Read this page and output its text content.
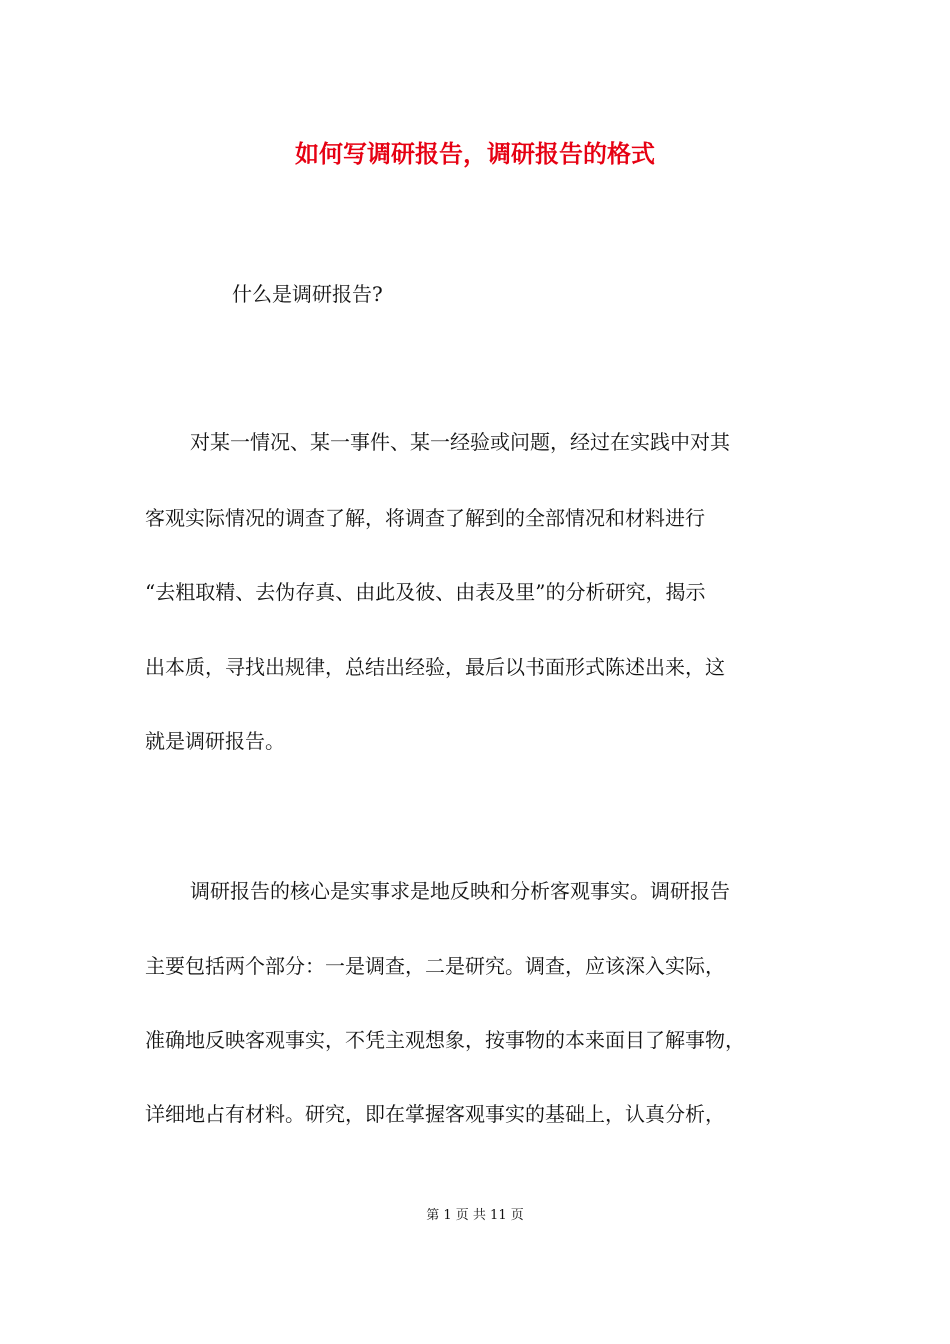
如何写调研报告，调研报告的格式

什么是调研报告?

对某一情况、某一事件、某一经验或问题，经过在实践中对其

客观实际情况的调查了解，将调查了解到的全部情况和材料进行

“去粗取精、去伪存真、由此及彼、由表及里”的分析研究，揭示

出本质，寻找出规律，总结出经验，最后以书面形式陈述出来，这

就是调研报告。

调研报告的核心是实事求是地反映和分析客观事实。调研报告

主要包括两个部分：一是调查，二是研究。调查，应该深入实际，

准确地反映客观事实，不凭主观想象，按事物的本来面目了解事物，

详细地占有材料。研究，即在掌握客观事实的基础上，认真分析，

第 1 页 共 11 页
